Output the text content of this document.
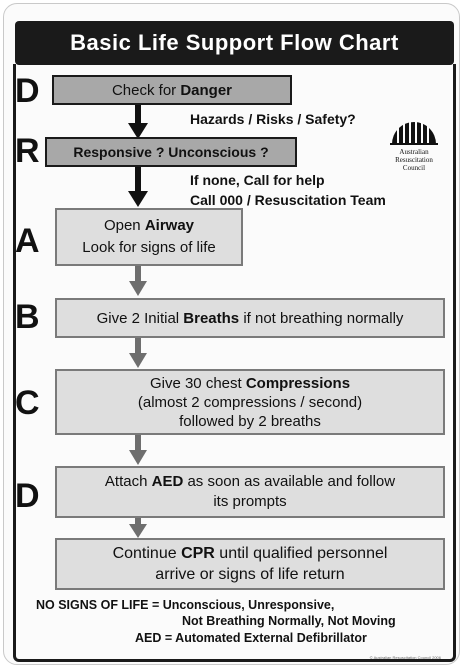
Basic Life Support Flow Chart
D
R
A
B
C
D
Check for Danger
Hazards / Risks / Safety?
Responsive ? Unconscious ?
If none, Call for help
Call 000 / Resuscitation Team
Australian
Resuscitation
Council
Open Airway
Look for signs of life
Give 2 Initial Breaths if not breathing normally
Give 30 chest Compressions
(almost 2 compressions / second)
followed by 2 breaths
Attach AED as soon as available and follow
its prompts
Continue CPR until qualified personnel
arrive or signs of life return
NO SIGNS OF LIFE = Unconscious, Unresponsive,
Not Breathing Normally, Not Moving
AED = Automated External Defibrillator
© Australian Resuscitation Council 2006
